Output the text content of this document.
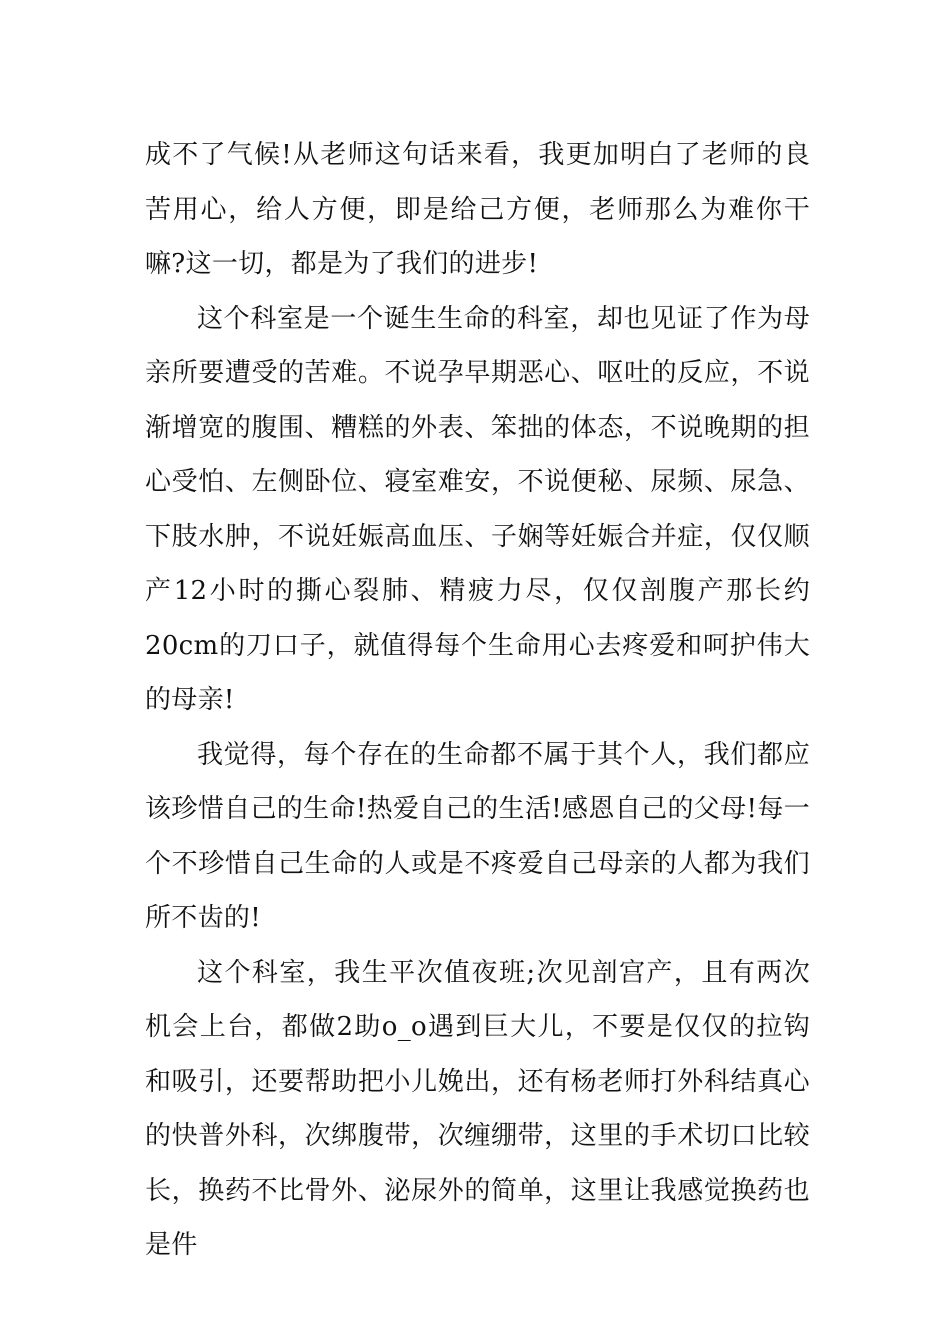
成不了气候!从老师这句话来看，我更加明白了老师的良苦用心，给人方便，即是给己方便，老师那么为难你干嘛?这一切，都是为了我们的进步!

这个科室是一个诞生生命的科室，却也见证了作为母亲所要遭受的苦难。不说孕早期恶心、呕吐的反应，不说渐增宽的腹围、糟糕的外表、笨拙的体态，不说晚期的担心受怕、左侧卧位、寝室难安，不说便秘、尿频、尿急、下肢水肿，不说妊娠高血压、子娴等妊娠合并症，仅仅顺产12小时的撕心裂肺、精疲力尽，仅仅剖腹产那长约20cm的刀口子，就值得每个生命用心去疼爱和呵护伟大的母亲!

我觉得，每个存在的生命都不属于其个人，我们都应该珍惜自己的生命!热爱自己的生活!感恩自己的父母!每一个不珍惜自己生命的人或是不疼爱自己母亲的人都为我们所不齿的!

这个科室，我生平次值夜班;次见剖宫产，且有两次机会上台，都做2助o_o遇到巨大儿，不要是仅仅的拉钩和吸引，还要帮助把小儿娩出，还有杨老师打外科结真心的快普外科，次绑腹带，次缠绷带，这里的手术切口比较长，换药不比骨外、泌尿外的简单，这里让我感觉换药也是件
